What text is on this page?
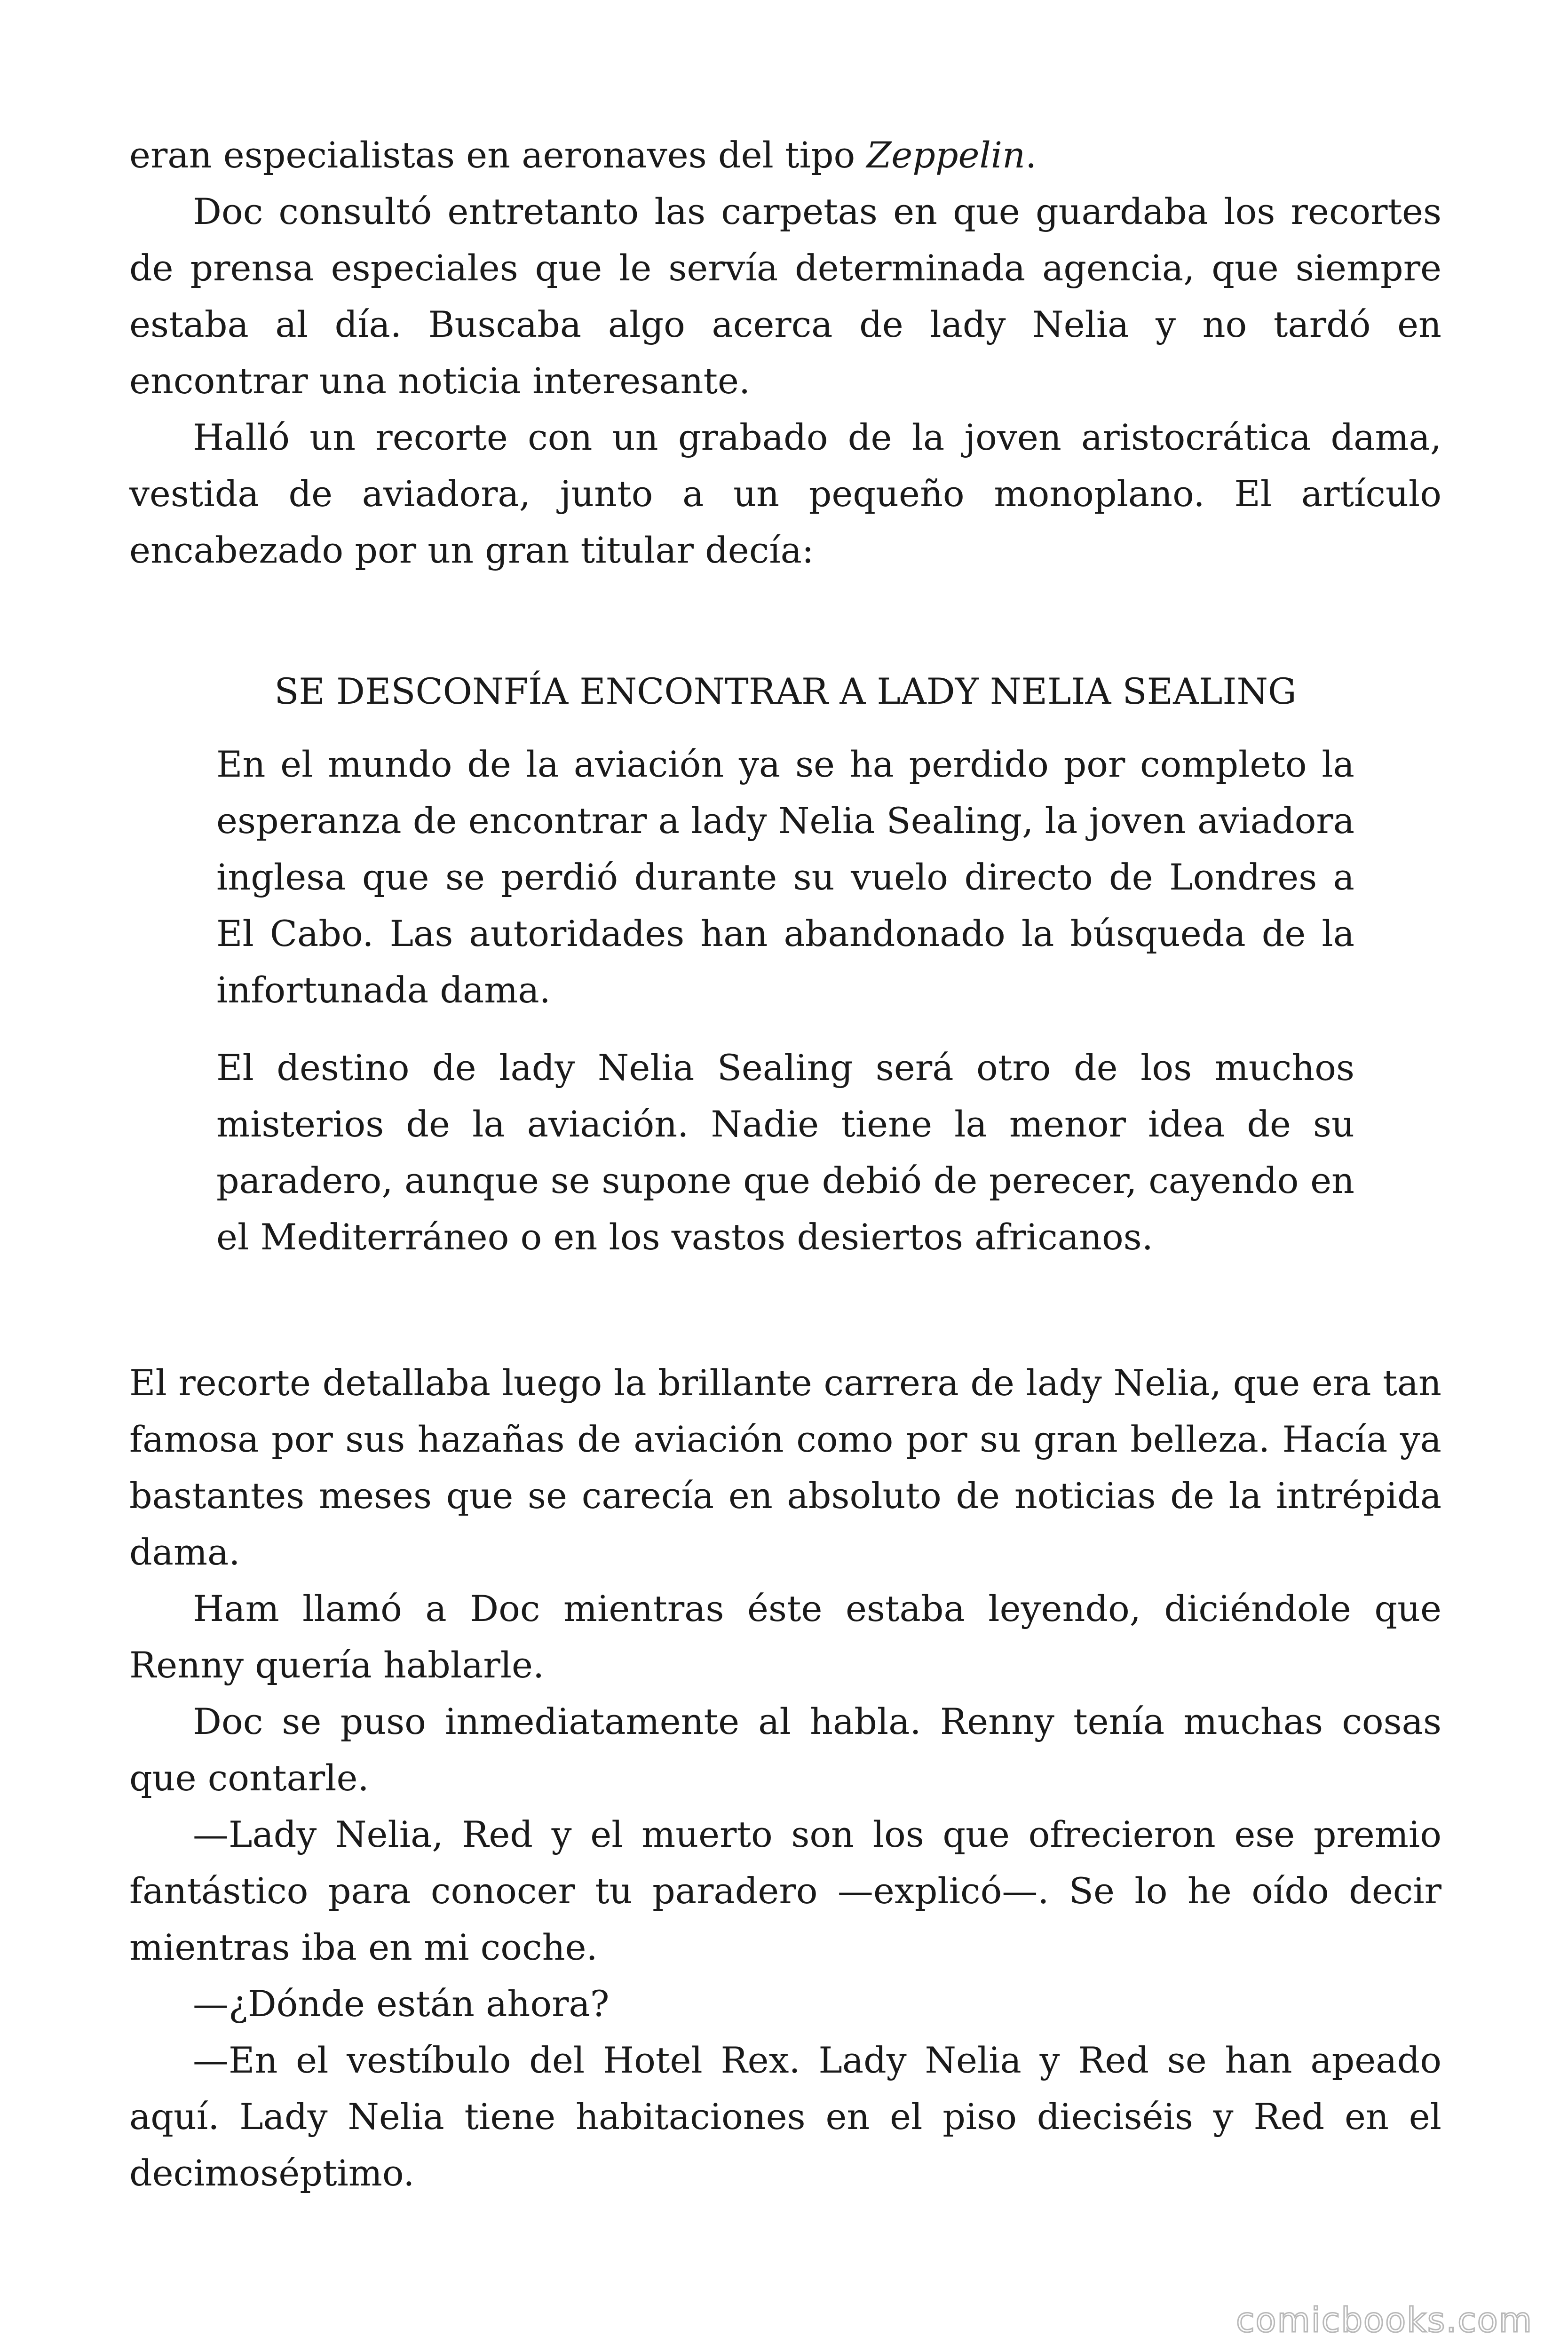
eran especialistas en aeronaves del tipo Zeppelin.

Doc consultó entretanto las carpetas en que guardaba los recortes de prensa especiales que le servía determinada agencia, que siempre estaba al día. Buscaba algo acerca de lady Nelia y no tardó en encontrar una noticia interesante.

Halló un recorte con un grabado de la joven aristocrática dama, vestida de aviadora, junto a un pequeño monoplano. El artículo encabezado por un gran titular decía:

SE DESCONFÍA ENCONTRAR A LADY NELIA SEALING

En el mundo de la aviación ya se ha perdido por completo la esperanza de encontrar a lady Nelia Sealing, la joven aviadora inglesa que se perdió durante su vuelo directo de Londres a El Cabo. Las autoridades han abandonado la búsqueda de la infortunada dama.

El destino de lady Nelia Sealing será otro de los muchos misterios de la aviación. Nadie tiene la menor idea de su paradero, aunque se supone que debió de perecer, cayendo en el Mediterráneo o en los vastos desiertos africanos.

El recorte detallaba luego la brillante carrera de lady Nelia, que era tan famosa por sus hazañas de aviación como por su gran belleza. Hacía ya bastantes meses que se carecía en absoluto de noticias de la intrépida dama.

Ham llamó a Doc mientras éste estaba leyendo, diciéndole que Renny quería hablarle.

Doc se puso inmediatamente al habla. Renny tenía muchas cosas que contarle.

—Lady Nelia, Red y el muerto son los que ofrecieron ese premio fantástico para conocer tu paradero —explicó—. Se lo he oído decir mientras iba en mi coche.

—¿Dónde están ahora?

—En el vestíbulo del Hotel Rex. Lady Nelia y Red se han apeado aquí. Lady Nelia tiene habitaciones en el piso dieciséis y Red en el decimoséptimo.

comicbooks.com
